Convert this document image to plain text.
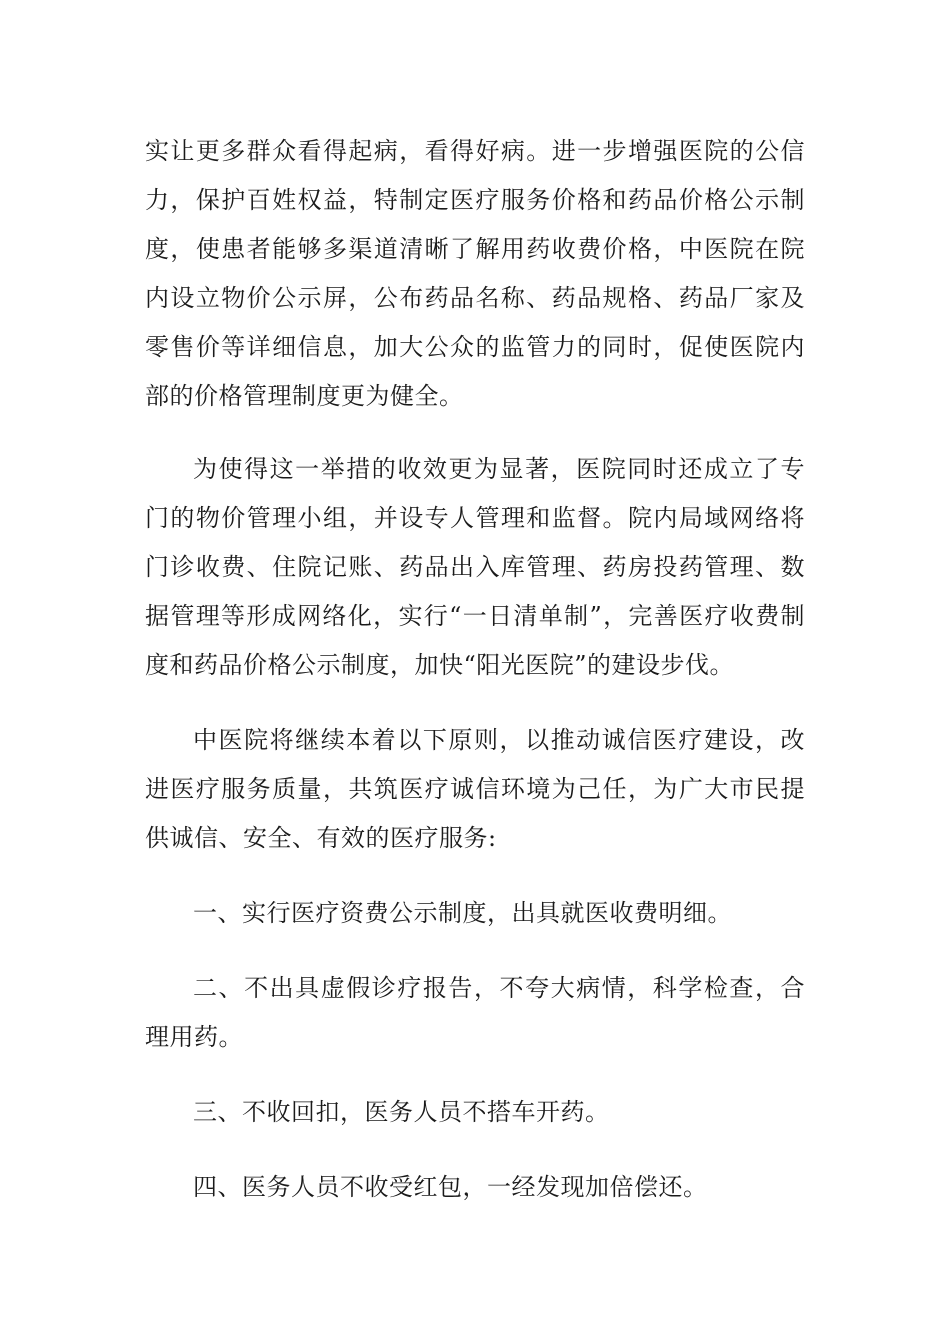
实让更多群众看得起病，看得好病。进一步增强医院的公信力，保护百姓权益，特制定医疗服务价格和药品价格公示制度，使患者能够多渠道清晰了解用药收费价格，中医院在院内设立物价公示屏，公布药品名称、药品规格、药品厂家及零售价等详细信息，加大公众的监管力的同时，促使医院内部的价格管理制度更为健全。

为使得这一举措的收效更为显著，医院同时还成立了专门的物价管理小组，并设专人管理和监督。院内局域网络将门诊收费、住院记账、药品出入库管理、药房投药管理、数据管理等形成网络化，实行“一日清单制”，完善医疗收费制度和药品价格公示制度，加快“阳光医院”的建设步伐。

中医院将继续本着以下原则，以推动诚信医疗建设，改进医疗服务质量，共筑医疗诚信环境为己任，为广大市民提供诚信、安全、有效的医疗服务:

一、实行医疗资费公示制度，出具就医收费明细。

二、不出具虚假诊疗报告，不夸大病情，科学检查，合理用药。

三、不收回扣，医务人员不搭车开药。

四、医务人员不收受红包，一经发现加倍偿还。
